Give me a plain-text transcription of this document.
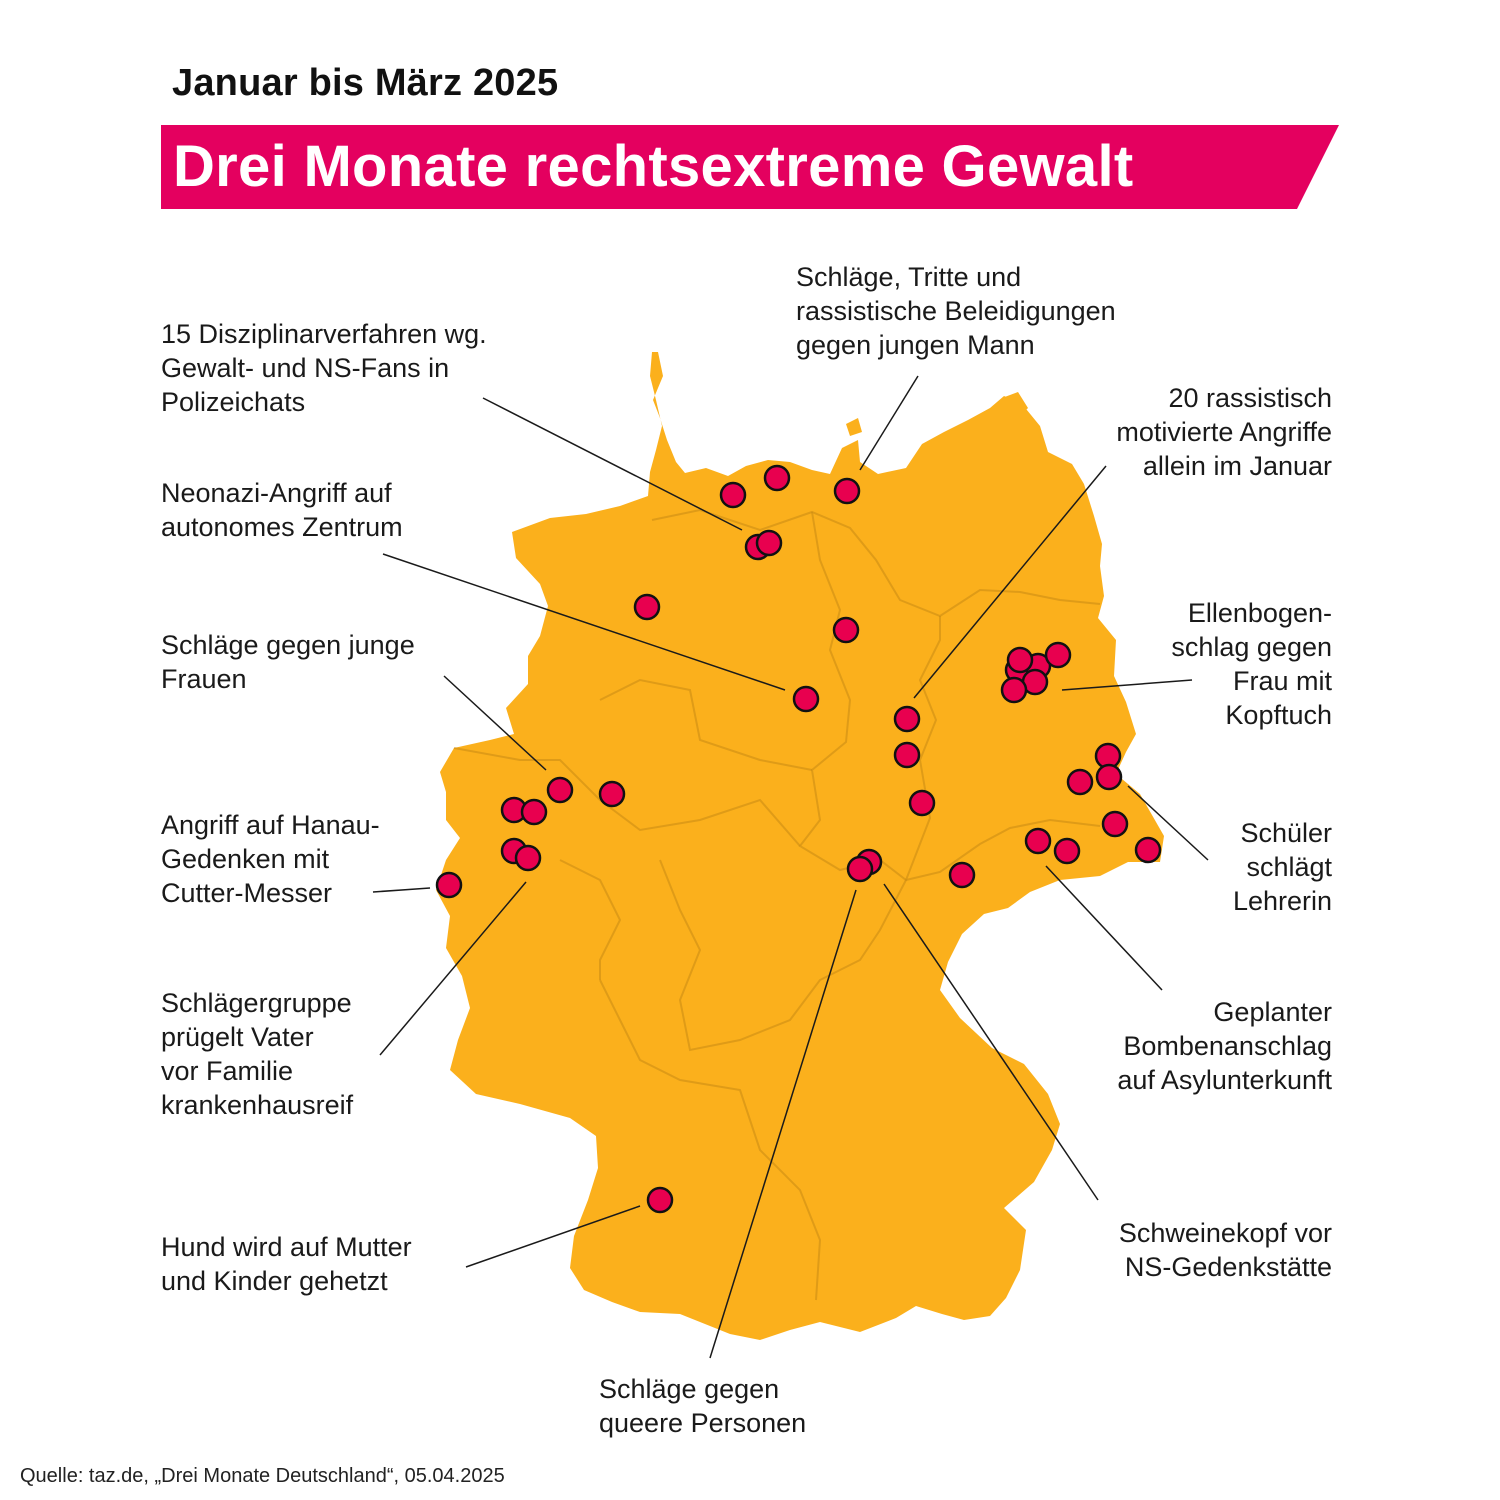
Januar bis März 2025
Drei Monate rechtsextreme Gewalt
15 Disziplinarverfahren wg.
Gewalt- und NS-Fans in
Polizeichats
Neonazi-Angriff auf
autonomes Zentrum
Schläge gegen junge
Frauen
Angriff auf Hanau-
Gedenken mit
Cutter-Messer
Schlägergruppe
prügelt Vater
vor Familie
krankenhausreif
Hund wird auf Mutter
und Kinder gehetzt
Schläge gegen
queere Personen
Schläge, Tritte und
rassistische Beleidigungen
gegen jungen Mann
20 rassistisch
motivierte Angriffe
allein im Januar
Ellenbogen-
schlag gegen
Frau mit
Kopftuch
Schüler
schlägt
Lehrerin
Geplanter
Bombenanschlag
auf Asylunterkunft
Schweinekopf vor
NS-Gedenkstätte
Quelle: taz.de, „Drei Monate Deutschland“, 05.04.2025
